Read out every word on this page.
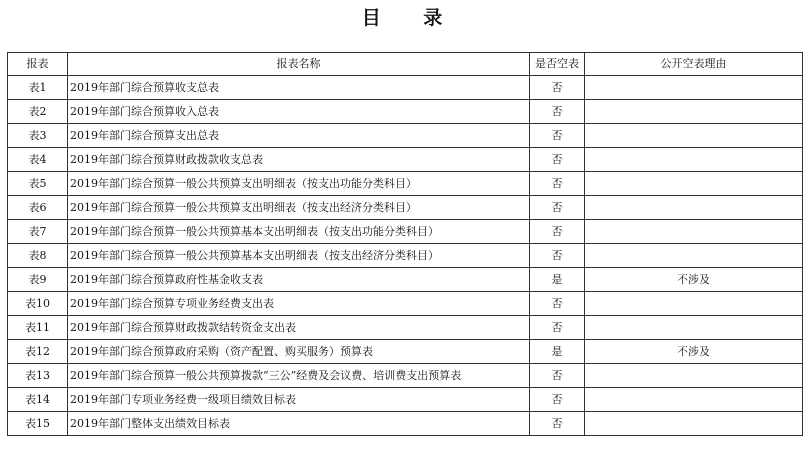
目 录
报表	报表名称	是否空表	公开空表理由
表1	2019年部门综合预算收支总表	否	
表2	2019年部门综合预算收入总表	否	
表3	2019年部门综合预算支出总表	否	
表4	2019年部门综合预算财政拨款收支总表	否	
表5	2019年部门综合预算一般公共预算支出明细表（按支出功能分类科目）	否	
表6	2019年部门综合预算一般公共预算支出明细表（按支出经济分类科目）	否	
表7	2019年部门综合预算一般公共预算基本支出明细表（按支出功能分类科目）	否	
表8	2019年部门综合预算一般公共预算基本支出明细表（按支出经济分类科目）	否	
表9	2019年部门综合预算政府性基金收支表	是	不涉及
表10	2019年部门综合预算专项业务经费支出表	否	
表11	2019年部门综合预算财政拨款结转资金支出表	否	
表12	2019年部门综合预算政府采购（资产配置、购买服务）预算表	是	不涉及
表13	2019年部门综合预算一般公共预算拨款“三公”经费及会议费、培训费支出预算表	否	
表14	2019年部门专项业务经费一级项目绩效目标表	否	
表15	2019年部门整体支出绩效目标表	否	
